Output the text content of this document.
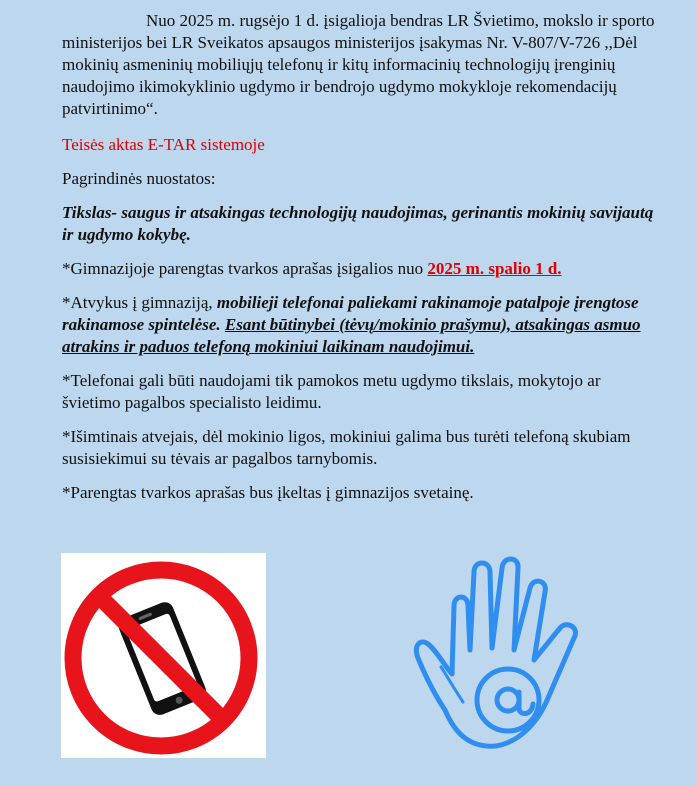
Nuo 2025 m. rugsėjo 1 d. įsigalioja bendras LR Švietimo, mokslo ir sporto ministerijos bei LR Sveikatos apsaugos ministerijos įsakymas Nr. V-807/V-726 ,,Dėl mokinių asmeninių mobiliųjų telefonų ir kitų informacinių technologijų įrenginių naudojimo ikimokyklinio ugdymo ir bendrojo ugdymo mokykloje rekomendacijų patvirtinimo“.

Teisės aktas E-TAR sistemoje

Pagrindinės nuostatos:

Tikslas- saugus ir atsakingas technologijų naudojimas, gerinantis mokinių savijautą ir ugdymo kokybę.

*Gimnazijoje parengtas tvarkos aprašas įsigalios nuo 2025 m. spalio 1 d.

*Atvykus į gimnaziją, mobilieji telefonai paliekami rakinamoje patalpoje įrengtose rakinamose spintelėse. Esant būtinybei (tėvų/mokinio prašymu), atsakingas asmuo atrakins ir paduos telefoną mokiniui laikinam naudojimui.

*Telefonai gali būti naudojami tik pamokos metu ugdymo tikslais, mokytojo ar švietimo pagalbos specialisto leidimu.

*Išimtinais atvejais, dėl mokinio ligos, mokiniui galima bus turėti telefoną skubiam susisiekimui su tėvais ar pagalbos tarnybomis.

*Parengtas tvarkos aprašas bus įkeltas į gimnazijos svetainę.
